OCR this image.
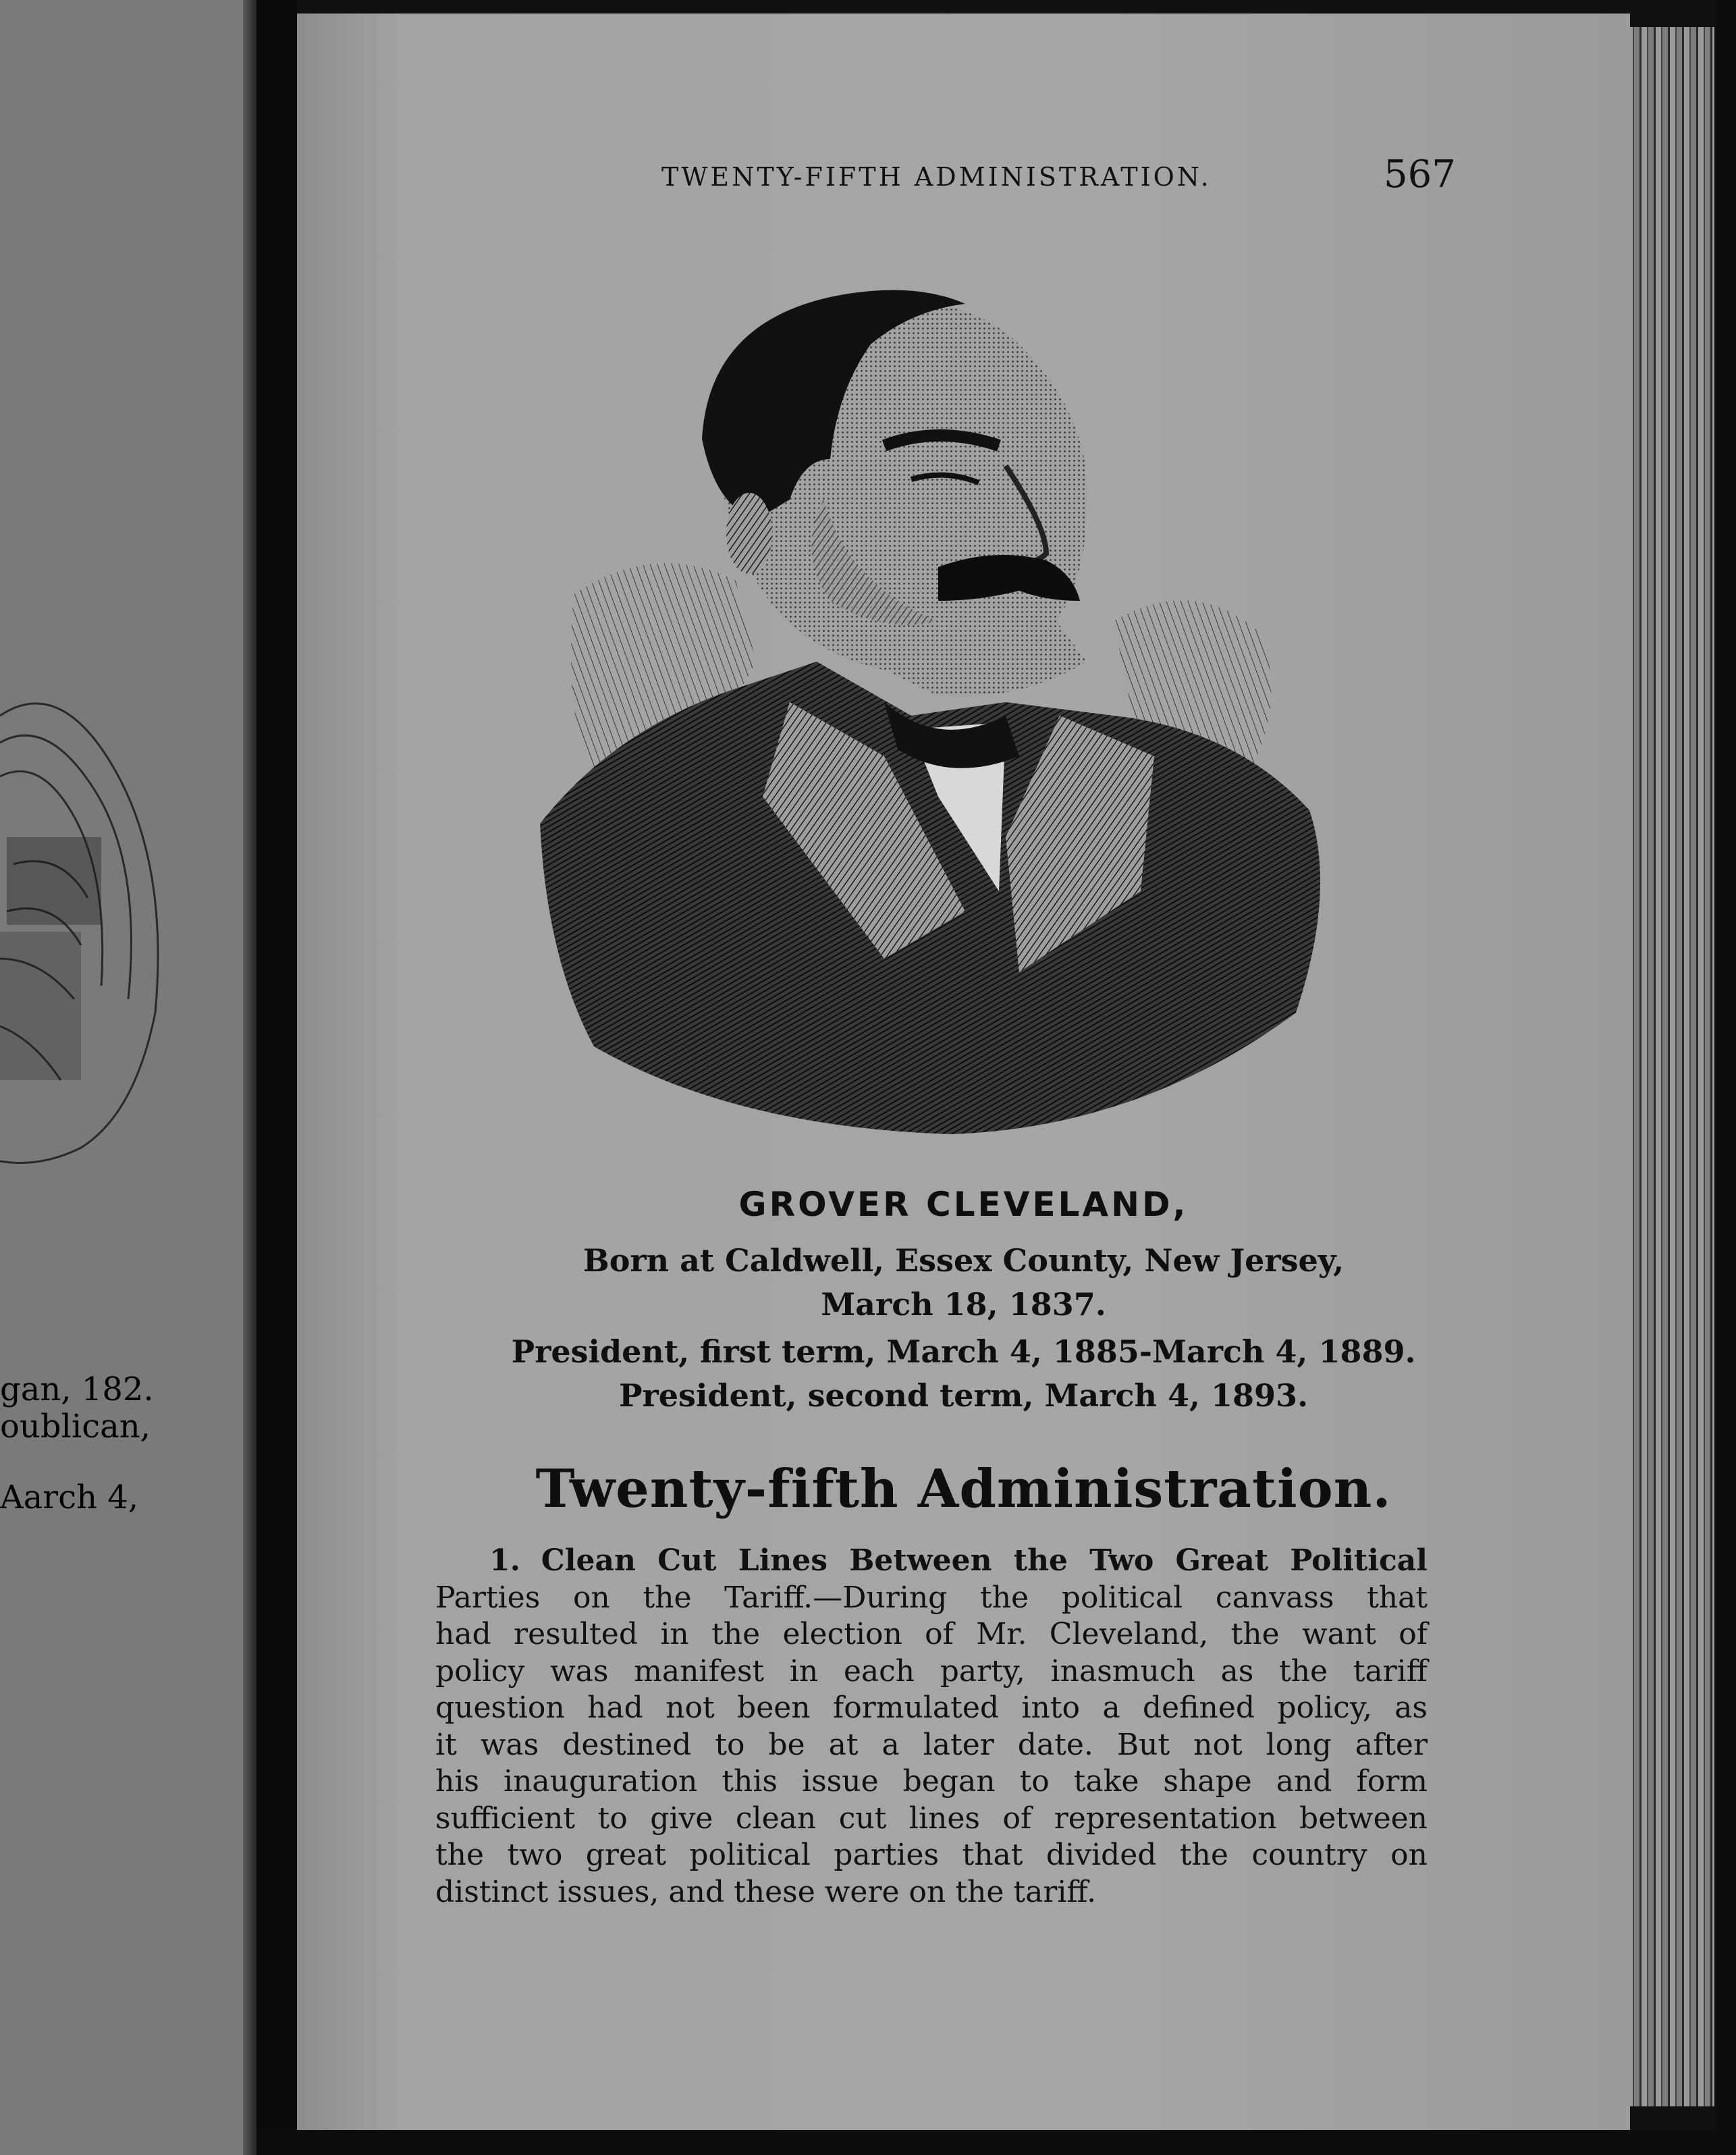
gan, 182.
oublican,
Aarch 4,
TWENTY-FIFTH ADMINISTRATION.	567
GROVER CLEVELAND,
Born at Caldwell, Essex County, New Jersey,
March 18, 1837.
President, first term, March 4, 1885-March 4, 1889.
President, second term, March 4, 1893.
Twenty-fifth Administration.
1. Clean Cut Lines Between the Two Great Political
Parties on the Tariff.—During the political canvass that
had resulted in the election of Mr. Cleveland, the want of
policy was manifest in each party, inasmuch as the tariff
question had not been formulated into a defined policy, as
it was destined to be at a later date. But not long after
his inauguration this issue began to take shape and form
sufficient to give clean cut lines of representation between
the two great political parties that divided the country on
distinct issues, and these were on the tariff.
